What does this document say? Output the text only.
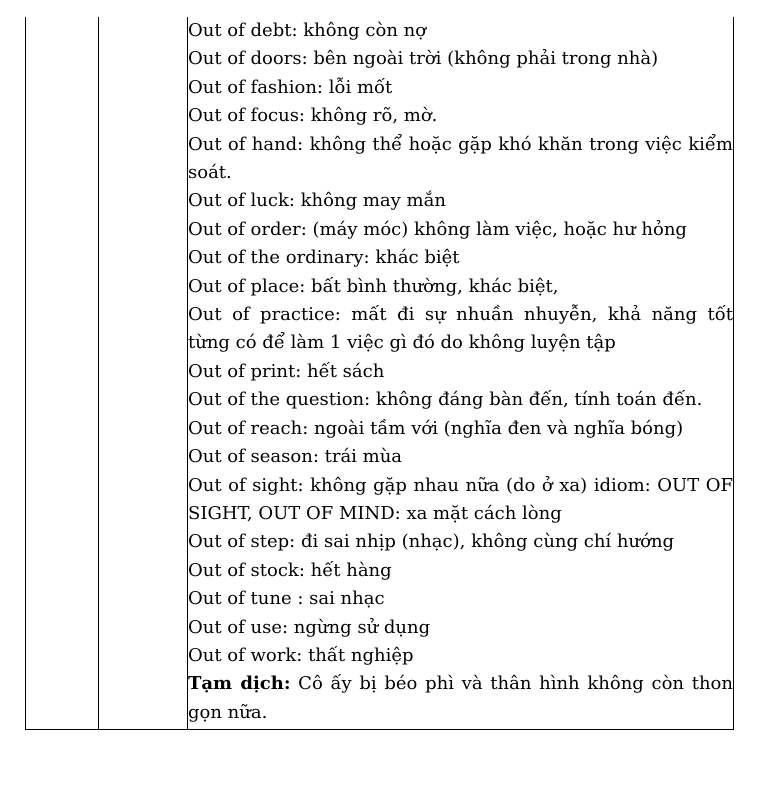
Out of debt: không còn nợ
Out of doors: bên ngoài trời (không phải trong nhà)
Out of fashion: lỗi mốt
Out of focus: không rõ, mờ.
Out of hand: không thể hoặc gặp khó khăn trong việc kiểm soát.
Out of luck: không may mắn
Out of order: (máy móc) không làm việc, hoặc hư hỏng
Out of the ordinary: khác biệt
Out of place: bất bình thường, khác biệt,
Out of practice: mất đi sự nhuần nhuyễn, khả năng tốt từng có để làm 1 việc gì đó do không luyện tập
Out of print: hết sách
Out of the question: không đáng bàn đến, tính toán đến.
Out of reach: ngoài tầm với (nghĩa đen và nghĩa bóng)
Out of season: trái mùa
Out of sight: không gặp nhau nữa (do ở xa) idiom: OUT OF SIGHT, OUT OF MIND: xa mặt cách lòng
Out of step: đi sai nhịp (nhạc), không cùng chí hướng
Out of stock: hết hàng
Out of tune : sai nhạc
Out of use: ngừng sử dụng
Out of work: thất nghiệp
Tạm dịch: Cô ấy bị béo phì và thân hình không còn thon gọn nữa.
